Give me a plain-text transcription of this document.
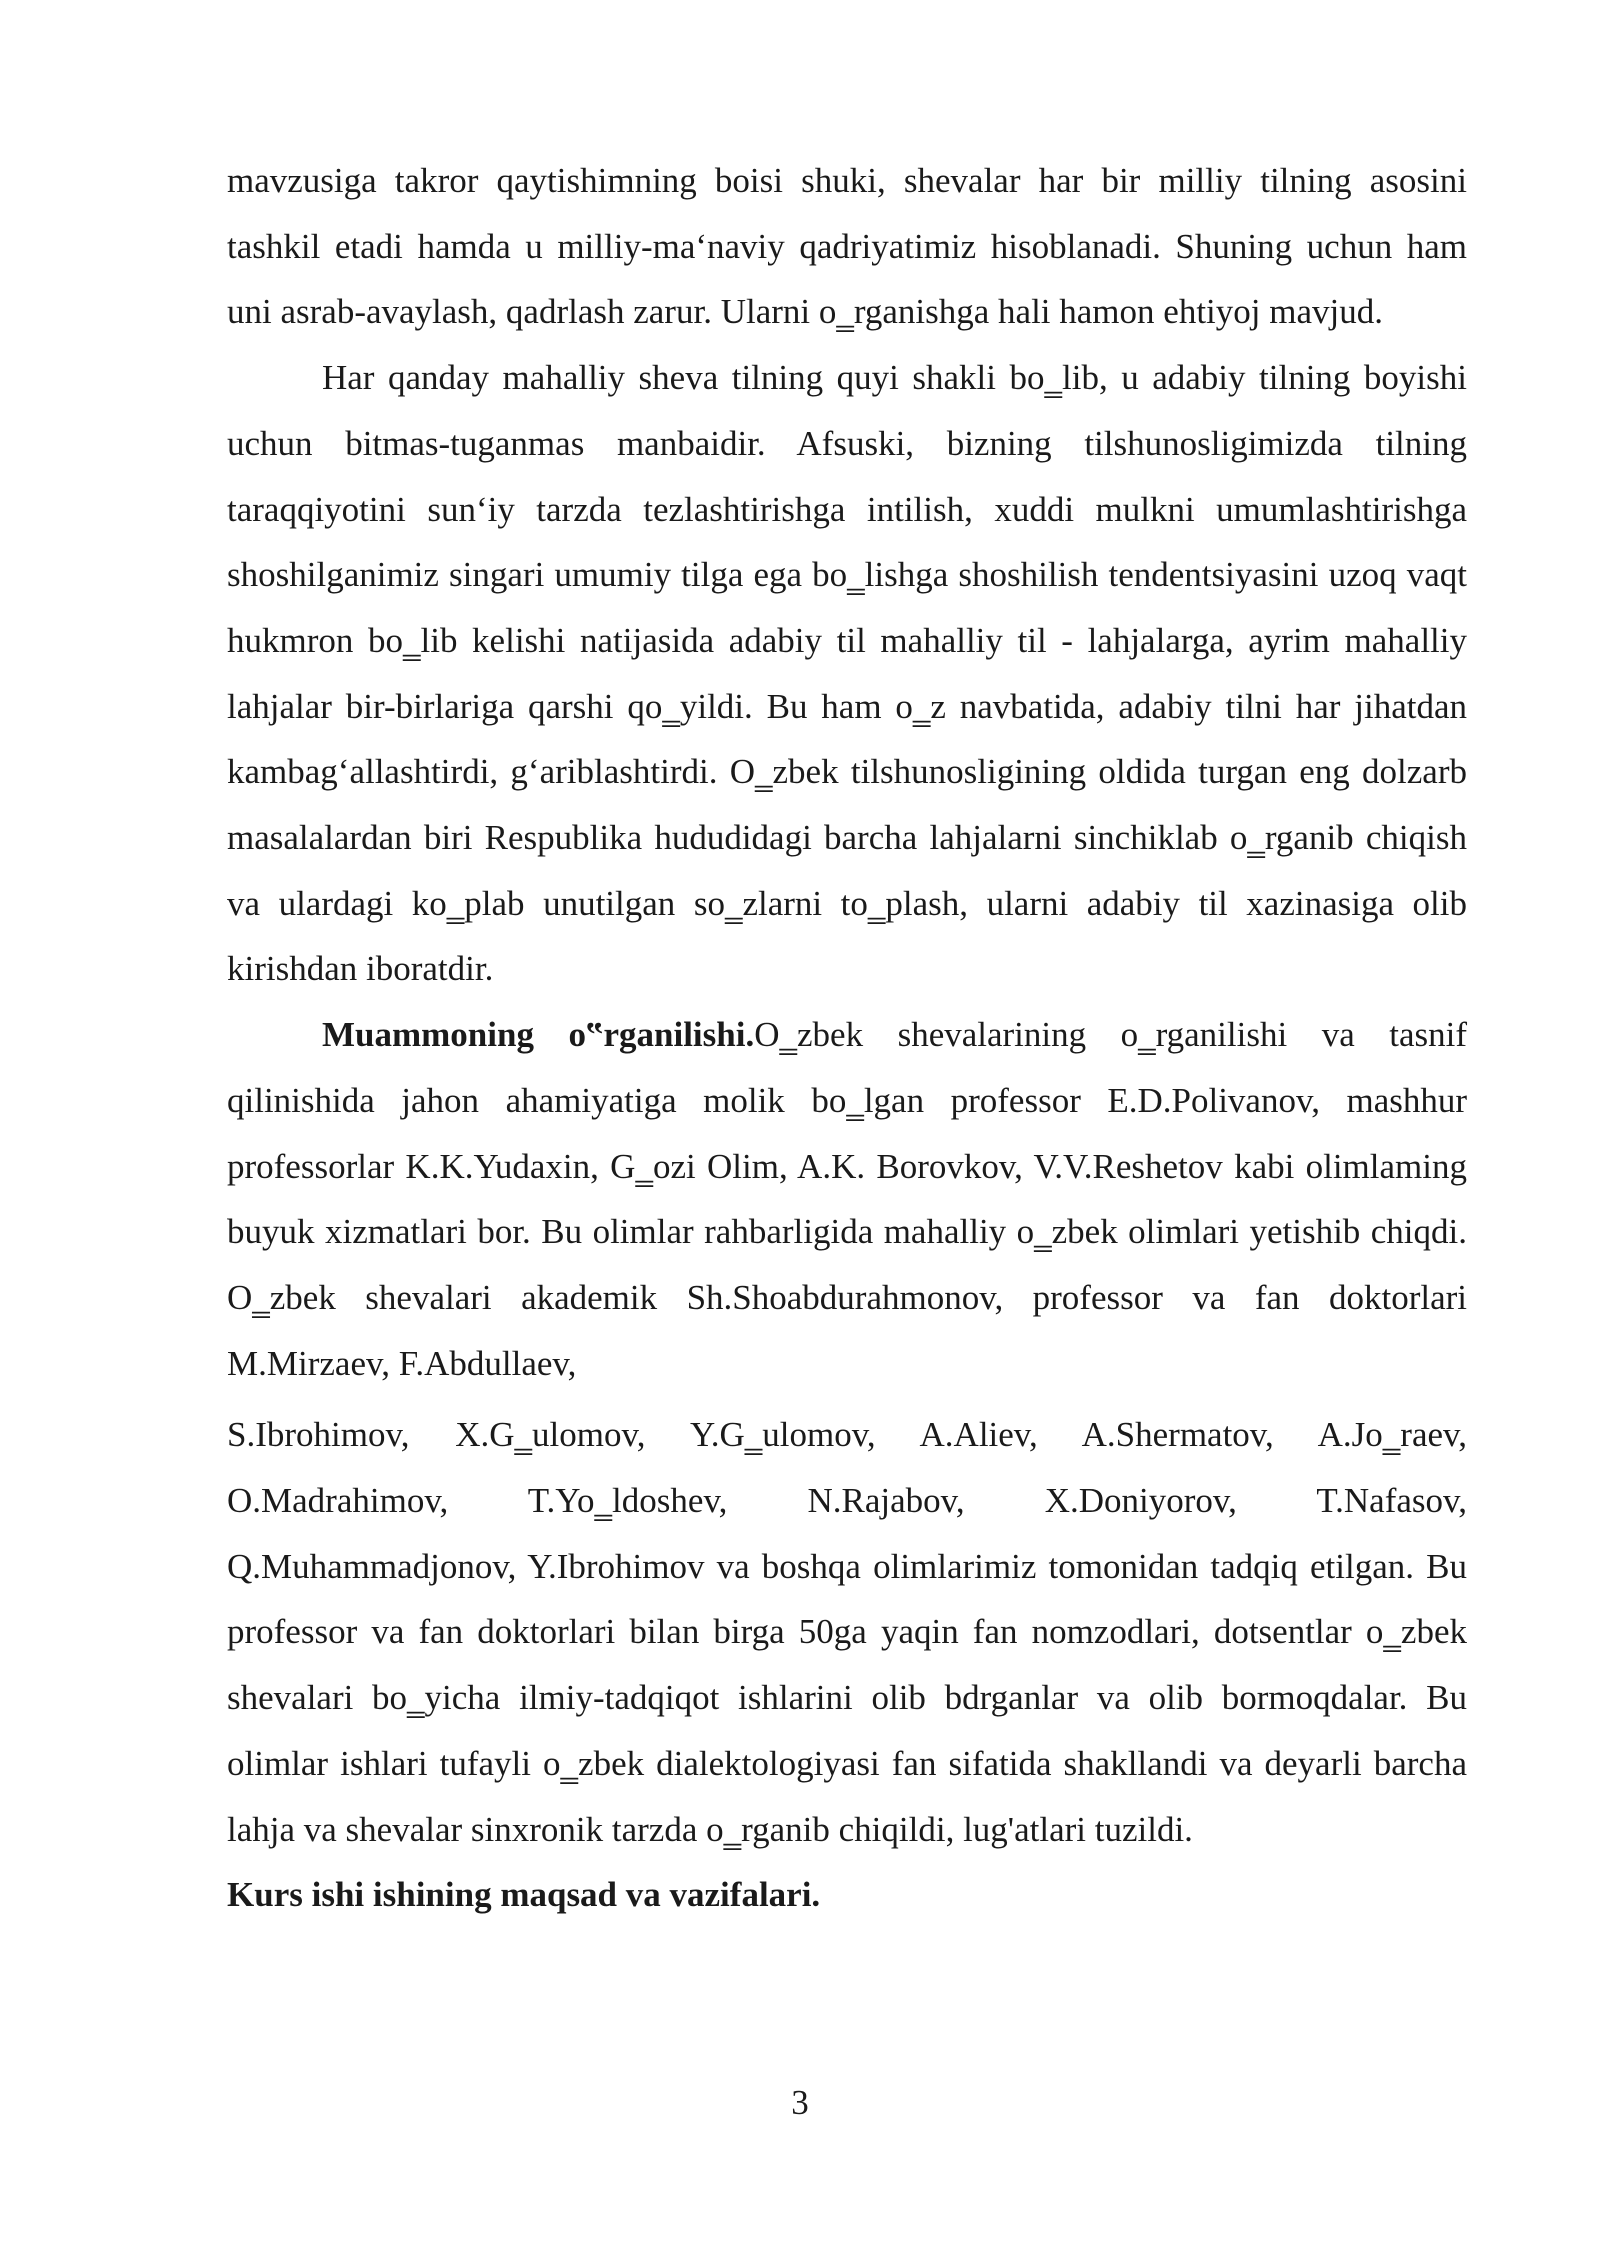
mavzusiga takror qaytishimning boisi shuki, shevalar har bir milliy tilning asosini tashkil etadi hamda u milliy-ma‘naviy qadriyatimiz hisoblanadi. Shuning uchun ham uni asrab-avaylash, qadrlash zarur. Ularni o‗rganishga hali hamon ehtiyoj mavjud.

Har qanday mahalliy sheva tilning quyi shakli bo‗lib, u adabiy tilning boyishi uchun bitmas-tuganmas manbaidir. Afsuski, bizning tilshunosligimizda tilning taraqqiyotini sun‘iy tarzda tezlashtirishga intilish, xuddi mulkni umumlashtirishga shoshilganimiz singari umumiy tilga ega bo‗lishga shoshilish tendentsiyasini uzoq vaqt hukmron bo‗lib kelishi natijasida adabiy til mahalliy til - lahjalarga, ayrim mahalliy lahjalar bir-birlariga qarshi qo‗yildi. Bu ham o‗z navbatida, adabiy tilni har jihatdan kambag‘allashtirdi, g‘ariblashtirdi. O‗zbek tilshunosligining oldida turgan eng dolzarb masalalardan biri Respublika hududidagi barcha lahjalarni sinchiklab o‗rganib chiqish va ulardagi ko‗plab unutilgan so‗zlarni to‗plash, ularni adabiy til xazinasiga olib kirishdan iboratdir.

Muammoning o‟rganilishi.O‗zbek shevalarining o‗rganilishi va tasnif qilinishida jahon ahamiyatiga molik bo‗lgan professor E.D.Polivanov, mashhur professorlar K.K.Yudaxin, G‗ozi Olim, A.K. Borovkov, V.V.Reshetov kabi olimlaming buyuk xizmatlari bor. Bu olimlar rahbarligida mahalliy o‗zbek olimlari yetishib chiqdi. O‗zbek shevalari akademik Sh.Shoabdurahmonov, professor va fan doktorlari M.Mirzaev, F.Abdullaev,

S.Ibrohimov, X.G‗ulomov, Y.G‗ulomov, A.Aliev, A.Shermatov, A.Jo‗raev, O.Madrahimov, T.Yo‗ldoshev, N.Rajabov, X.Doniyorov, T.Nafasov, Q.Muhammadjonov, Y.Ibrohimov va boshqa olimlarimiz tomonidan tadqiq etilgan. Bu professor va fan doktorlari bilan birga 50ga yaqin fan nomzodlari, dotsentlar o‗zbek shevalari bo‗yicha ilmiy-tadqiqot ishlarini olib bdrganlar va olib bormoqdalar. Bu olimlar ishlari tufayli o‗zbek dialektologiyasi fan sifatida shakllandi va deyarli barcha lahja va shevalar sinxronik tarzda o‗rganib chiqildi, lug'atlari tuzildi.

Kurs ishi ishining maqsad va vazifalari.

3
